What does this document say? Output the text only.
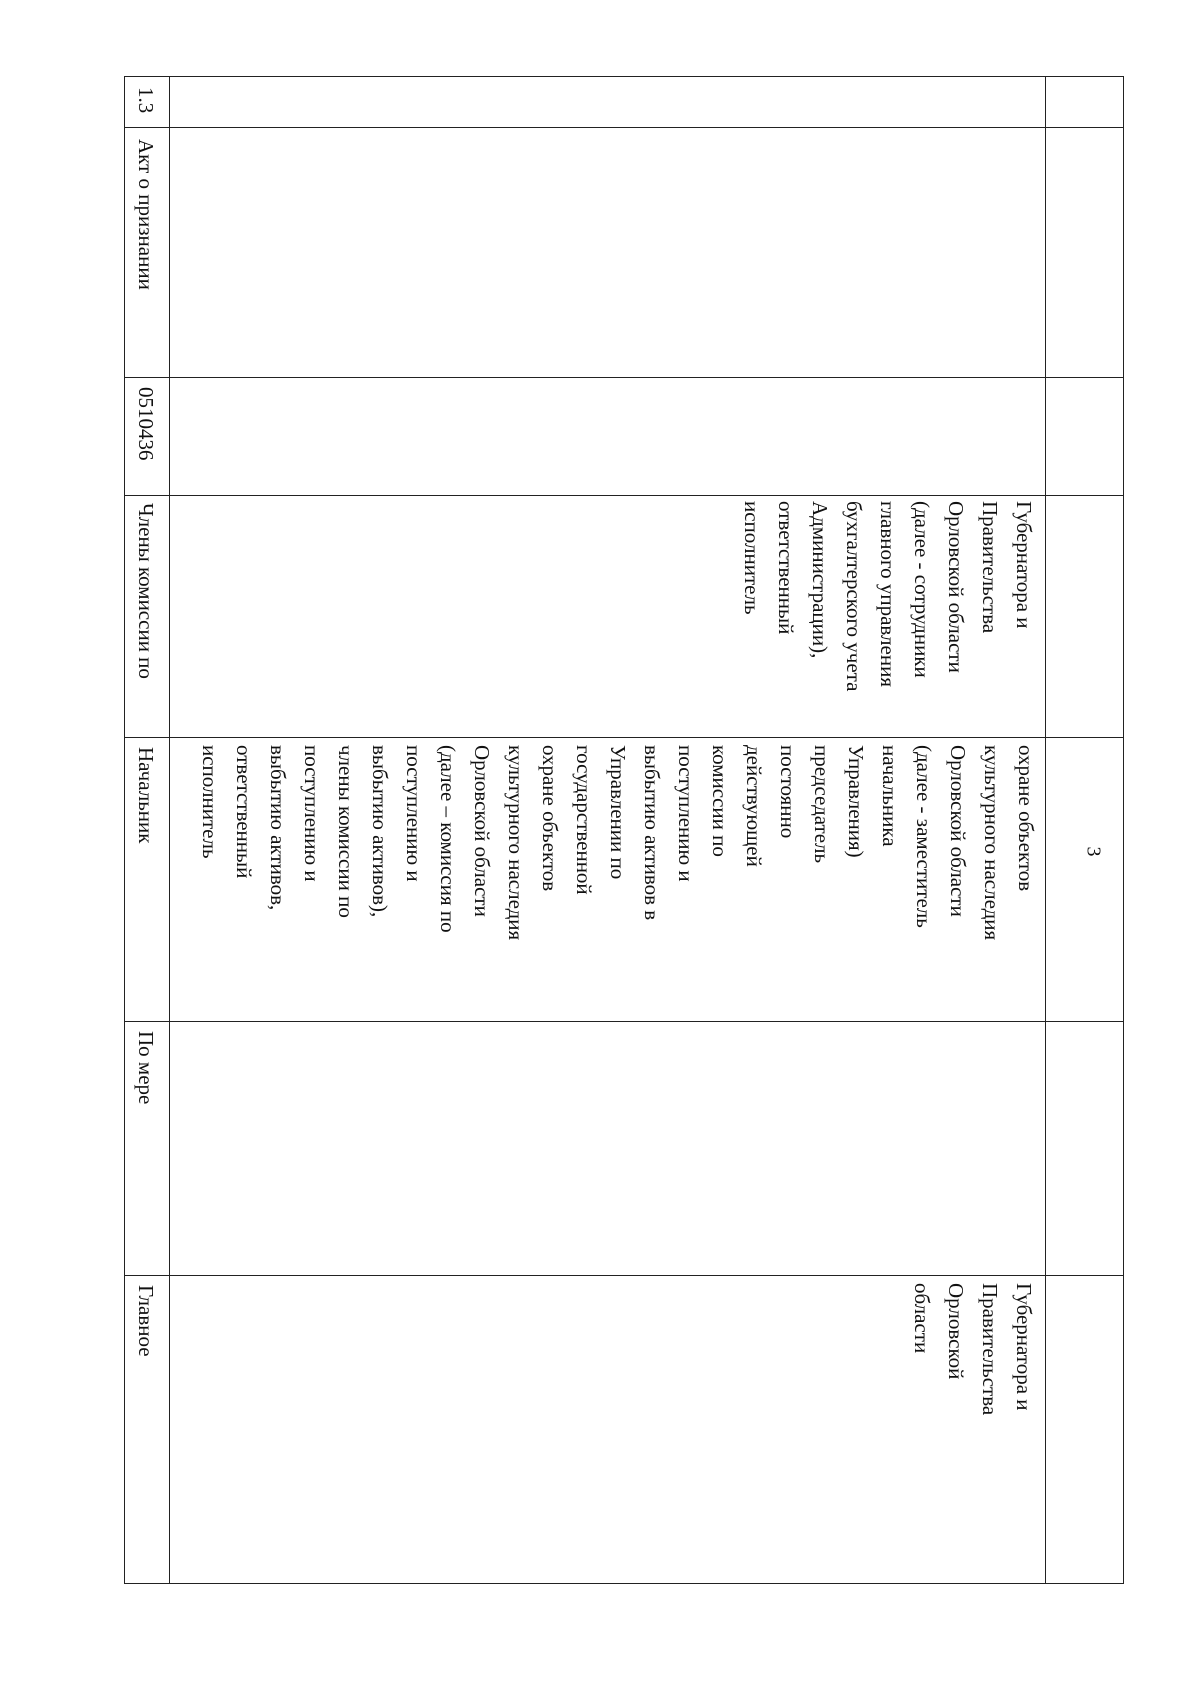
3
1.3
Акт о признании
0510436
Члены комиссии по
Начальник
По мере
Главное
Губернатора и
Правительства
Орловской области
(далее - сотрудники
главного управления
бухгалтерского учета
Администрации),
ответственный
исполнитель
охране объектов
культурного наследия
Орловской области
(далее - заместитель
начальника
Управления)
председатель
постоянно
действующей
комиссии по
поступлению и
выбытию активов в
Управлении по
государственной
охране объектов
культурного наследия
Орловской области
(далее – комиссия по
поступлению и
выбытию активов),
члены комиссии по
поступлению и
выбытию активов,
ответственный
исполнитель
Губернатора и
Правительства
Орловской
области
